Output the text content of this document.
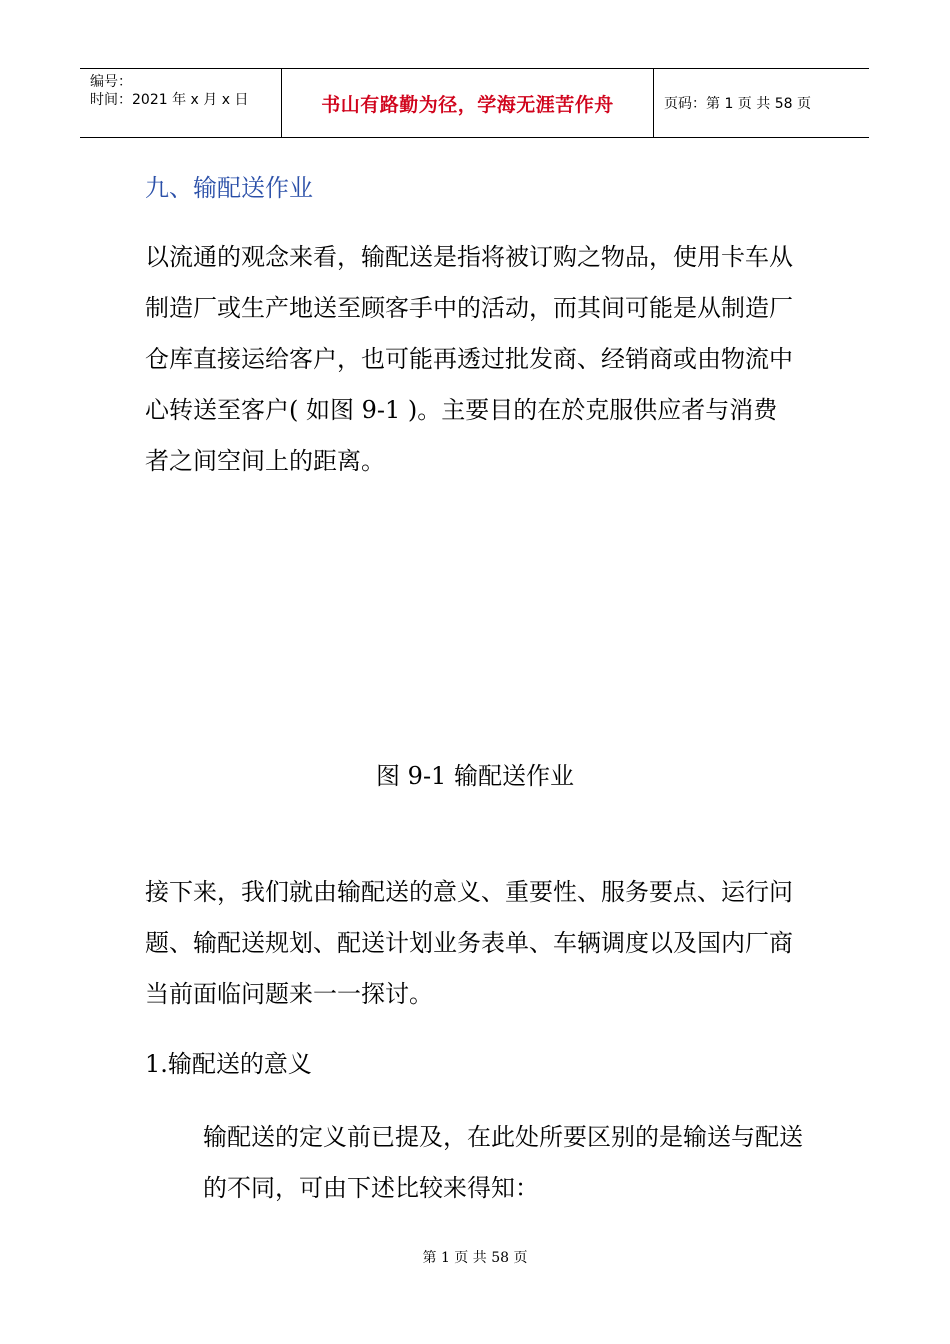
编号：
时间：2021 年 x 月 x 日	书山有路勤为径，学海无涯苦作舟	页码：第 1 页 共 58 页
九、输配送作业

以流通的观念来看，输配送是指将被订购之物品，使用卡车从制造厂或生产地送至顾客手中的活动，而其间可能是从制造厂仓库直接运给客户，也可能再透过批发商、经销商或由物流中心转送至客户( 如图 9-1 )。主要目的在於克服供应者与消费者之间空间上的距离。

图 9-1 输配送作业

接下来，我们就由输配送的意义、重要性、服务要点、运行问题、输配送规划、配送计划业务表单、车辆调度以及国内厂商当前面临问题来一一探讨。

1.输配送的意义

输配送的定义前已提及，在此处所要区别的是输送与配送的不同，可由下述比较来得知：

第 1 页 共 58 页
